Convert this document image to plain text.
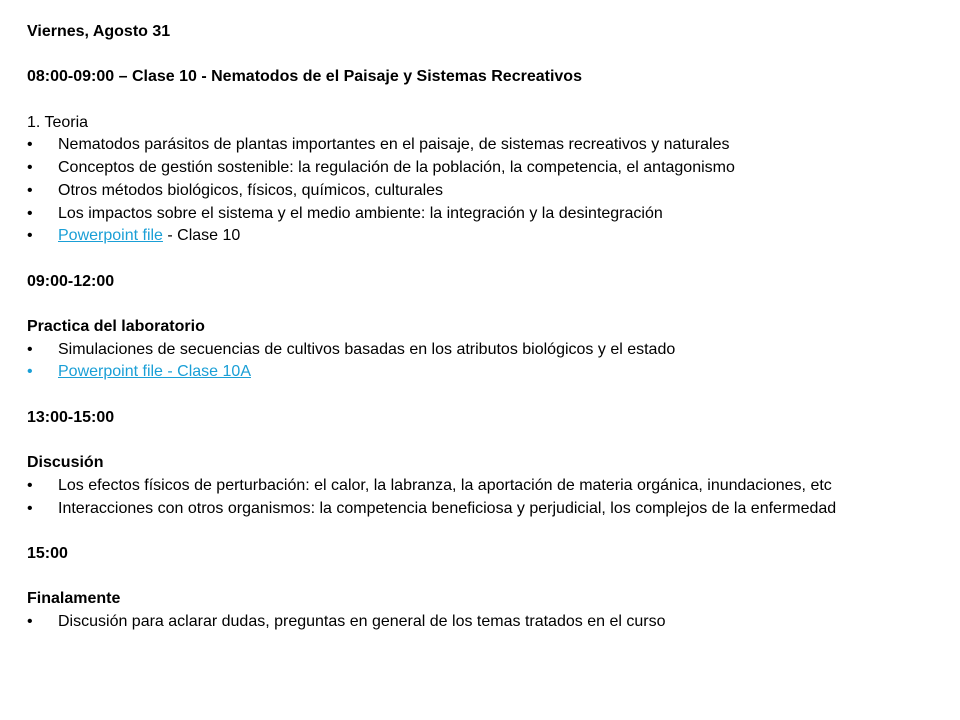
Viernes, Agosto 31
08:00-09:00 – Clase 10 - Nematodos de el Paisaje y Sistemas Recreativos
1. Teoria
•	Nematodos parásitos de plantas importantes en el paisaje, de sistemas recreativos y naturales
•	Conceptos de gestión sostenible: la regulación de la población, la competencia, el antagonismo
•	Otros métodos biológicos, físicos, químicos, culturales
•	Los impactos sobre el sistema y el medio ambiente: la integración y la desintegración
•	Powerpoint file - Clase 10
09:00-12:00
Practica del laboratorio
•	Simulaciones de secuencias de cultivos basadas en los atributos biológicos y el estado
•	Powerpoint file - Clase 10A
13:00-15:00
Discusión
•	Los efectos físicos de perturbación: el calor, la labranza, la aportación de materia orgánica, inundaciones, etc
•	Interacciones con otros organismos: la competencia beneficiosa y perjudicial, los complejos de la enfermedad
15:00
Finalamente
•	Discusión para aclarar dudas, preguntas en general de los temas tratados en el curso
